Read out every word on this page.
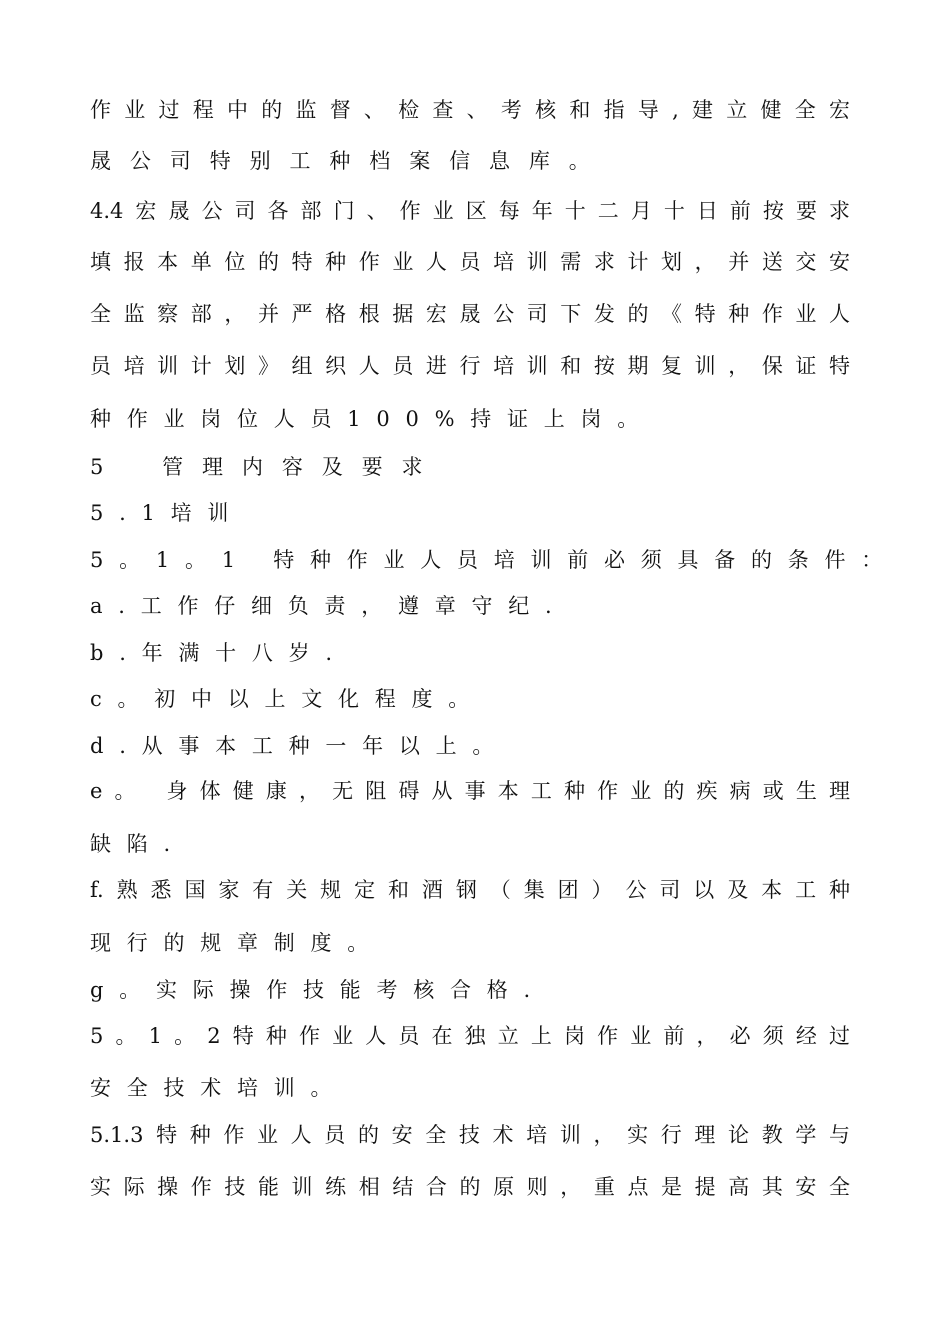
作业过程中的监督、检查、考核和指导,建立健全宏
晟公司特别工种档案信息库。
4.4宏晟公司各部门、作业区每年十二月十日前按要求
填报本单位的特种作业人员培训需求计划，并送交安
全监察部，并严格根据宏晟公司下发的《特种作业人
员培训计划》组织人员进行培训和按期复训，保证特
种作业岗位人员100%持证上岗。
5　管理内容及要求
5.1培训
5。1。1 特种作业人员培训前必须具备的条件：
a.工作仔细负责，遵章守纪.
b.年满十八岁.
c。初中以上文化程度。
d.从事本工种一年以上。
e。 身体健康，无阻碍从事本工种作业的疾病或生理
缺陷.
f.熟悉国家有关规定和酒钢（集团）公司以及本工种
现行的规章制度。
g。实际操作技能考核合格.
5。1。2特种作业人员在独立上岗作业前，必须经过
安全技术培训。
5.1.3特种作业人员的安全技术培训，实行理论教学与
实际操作技能训练相结合的原则，重点是提高其安全
